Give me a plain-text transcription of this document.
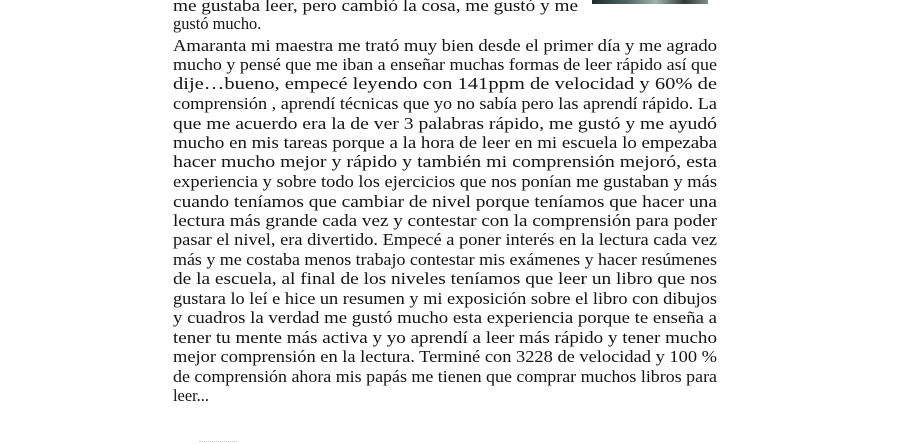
me gustaba leer, pero cambió la cosa, me gustó y me
gustó mucho.
Amaranta mi maestra me trató muy bien desde el primer día y me agrado
mucho y pensé que me iban a enseñar muchas formas de leer rápido así que
dije…bueno, empecé leyendo con 141ppm de velocidad y 60% de
comprensión , aprendí técnicas que yo no sabía pero las aprendí rápido. La
que me acuerdo era la de ver 3 palabras rápido, me gustó y me ayudó
mucho en mis tareas porque a la hora de leer en mi escuela lo empezaba
hacer mucho mejor y rápido y también mi comprensión mejoró, esta
experiencia y sobre todo los ejercicios que nos ponían me gustaban y más
cuando teníamos que cambiar de nivel porque teníamos que hacer una
lectura más grande cada vez y contestar con la comprensión para poder
pasar el nivel, era divertido. Empecé a poner interés en la lectura cada vez
más y me costaba menos trabajo contestar mis exámenes y hacer resúmenes
de la escuela, al final de los niveles teníamos que leer un libro que nos
gustara lo leí e hice un resumen y mi exposición sobre el libro con dibujos
y cuadros la verdad me gustó mucho esta experiencia porque te enseña a
tener tu mente más activa y yo aprendí a leer más rápido y tener mucho
mejor comprensión en la lectura. Terminé con 3228 de velocidad y 100 %
de comprensión ahora mis papás me tienen que comprar muchos libros para
leer...
